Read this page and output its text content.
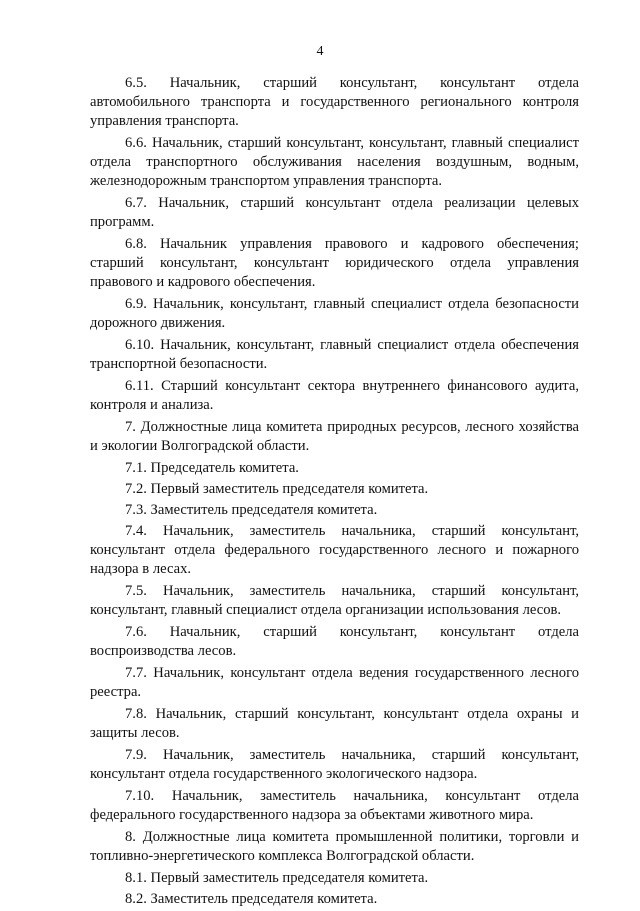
4

6.5. Начальник, старший консультант, консультант отдела автомобильного транспорта и государственного регионального контроля управления транспорта.

6.6. Начальник, старший консультант, консультант, главный специалист отдела транспортного обслуживания населения воздушным, водным, железнодорожным транспортом управления транспорта.

6.7. Начальник, старший консультант отдела реализации целевых программ.

6.8. Начальник управления правового и кадрового обеспечения; старший консультант, консультант юридического отдела управления правового и кадрового обеспечения.

6.9. Начальник, консультант, главный специалист отдела безопасности дорожного движения.

6.10. Начальник, консультант, главный специалист отдела обеспечения транспортной безопасности.

6.11. Старший консультант сектора внутреннего финансового аудита, контроля и анализа.

7. Должностные лица комитета природных ресурсов, лесного хозяйства и экологии Волгоградской области.

7.1. Председатель комитета.

7.2. Первый заместитель председателя комитета.

7.3. Заместитель председателя комитета.

7.4. Начальник, заместитель начальника, старший консультант, консультант отдела федерального государственного лесного и пожарного надзора в лесах.

7.5. Начальник, заместитель начальника, старший консультант, консультант, главный специалист отдела организации использования лесов.

7.6. Начальник, старший консультант, консультант отдела воспроизводства лесов.

7.7. Начальник, консультант отдела ведения государственного лесного реестра.

7.8. Начальник, старший консультант, консультант отдела охраны и защиты лесов.

7.9. Начальник, заместитель начальника, старший консультант, консультант отдела государственного экологического надзора.

7.10. Начальник, заместитель начальника, консультант отдела федерального государственного надзора за объектами животного мира.

8. Должностные лица комитета промышленной политики, торговли и топливно-энергетического комплекса Волгоградской области.

8.1. Первый заместитель председателя комитета.

8.2. Заместитель председателя комитета.
